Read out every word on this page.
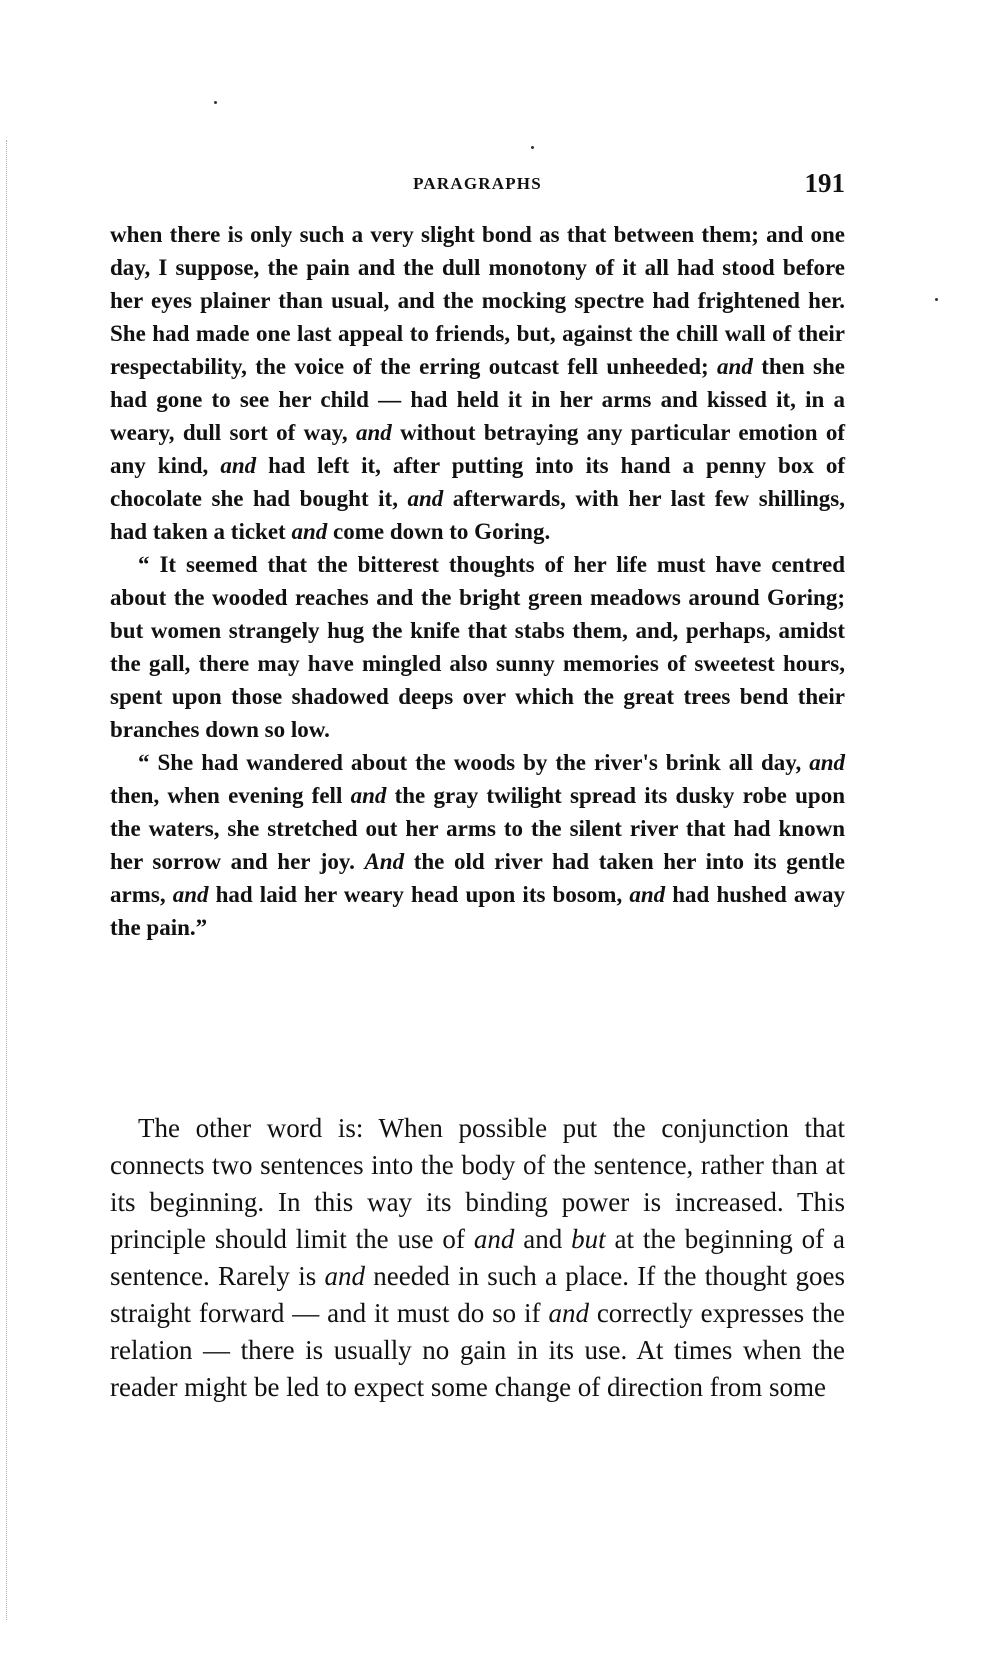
PARAGRAPHS	191

when there is only such a very slight bond as that between them; and one day, I suppose, the pain and the dull monotony of it all had stood before her eyes plainer than usual, and the mocking spectre had frightened her. She had made one last appeal to friends, but, against the chill wall of their respectability, the voice of the erring outcast fell unheeded; and then she had gone to see her child — had held it in her arms and kissed it, in a weary, dull sort of way, and without betraying any particular emotion of any kind, and had left it, after putting into its hand a penny box of chocolate she had bought it, and afterwards, with her last few shillings, had taken a ticket and come down to Goring.

“ It seemed that the bitterest thoughts of her life must have centred about the wooded reaches and the bright green meadows around Goring; but women strangely hug the knife that stabs them, and, perhaps, amidst the gall, there may have mingled also sunny memories of sweetest hours, spent upon those shadowed deeps over which the great trees bend their branches down so low.

“ She had wandered about the woods by the river's brink all day, and then, when evening fell and the gray twilight spread its dusky robe upon the waters, she stretched out her arms to the silent river that had known her sorrow and her joy. And the old river had taken her into its gentle arms, and had laid her weary head upon its bosom, and had hushed away the pain.”

The other word is: When possible put the conjunction that connects two sentences into the body of the sentence, rather than at its beginning. In this way its binding power is increased. This principle should limit the use of and and but at the beginning of a sentence. Rarely is and needed in such a place. If the thought goes straight forward — and it must do so if and correctly expresses the relation — there is usually no gain in its use. At times when the reader might be led to expect some change of direction from some
